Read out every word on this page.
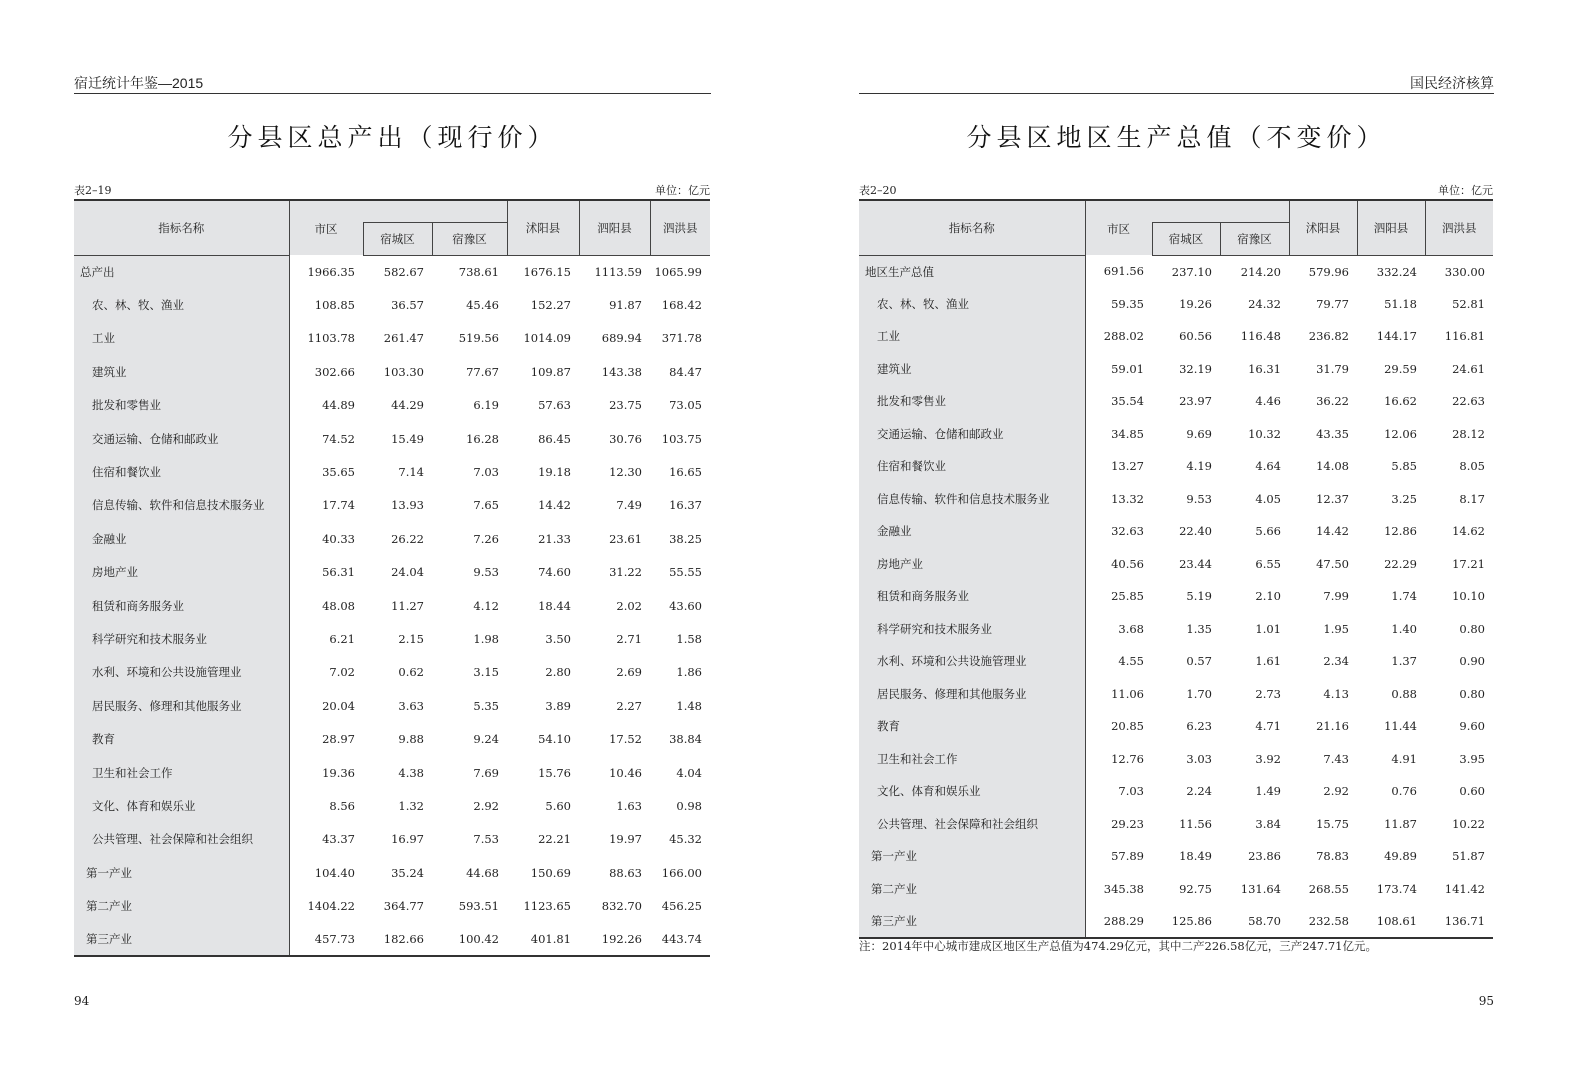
宿迁统计年鉴—2015
分县区总产出（现行价）
表2–19	单位：亿元
指标名称	市区			沭阳县	泗阳县	泗洪县
		宿城区	宿豫区			
总产出	1966.35	582.67	738.61	1676.15	1113.59	1065.99
农、林、牧、渔业	108.85	36.57	45.46	152.27	91.87	168.42
工业	1103.78	261.47	519.56	1014.09	689.94	371.78
建筑业	302.66	103.30	77.67	109.87	143.38	84.47
批发和零售业	44.89	44.29	6.19	57.63	23.75	73.05
交通运输、仓储和邮政业	74.52	15.49	16.28	86.45	30.76	103.75
住宿和餐饮业	35.65	7.14	7.03	19.18	12.30	16.65
信息传输、软件和信息技术服务业	17.74	13.93	7.65	14.42	7.49	16.37
金融业	40.33	26.22	7.26	21.33	23.61	38.25
房地产业	56.31	24.04	9.53	74.60	31.22	55.55
租赁和商务服务业	48.08	11.27	4.12	18.44	2.02	43.60
科学研究和技术服务业	6.21	2.15	1.98	3.50	2.71	1.58
水利、环境和公共设施管理业	7.02	0.62	3.15	2.80	2.69	1.86
居民服务、修理和其他服务业	20.04	3.63	5.35	3.89	2.27	1.48
教育	28.97	9.88	9.24	54.10	17.52	38.84
卫生和社会工作	19.36	4.38	7.69	15.76	10.46	4.04
文化、体育和娱乐业	8.56	1.32	2.92	5.60	1.63	0.98
公共管理、社会保障和社会组织	43.37	16.97	7.53	22.21	19.97	45.32
第一产业	104.40	35.24	44.68	150.69	88.63	166.00
第二产业	1404.22	364.77	593.51	1123.65	832.70	456.25
第三产业	457.73	182.66	100.42	401.81	192.26	443.74
94
国民经济核算
分县区地区生产总值（不变价）
表2–20	单位：亿元
指标名称	市区			沭阳县	泗阳县	泗洪县
		宿城区	宿豫区			
地区生产总值	691.56	237.10	214.20	579.96	332.24	330.00
农、林、牧、渔业	59.35	19.26	24.32	79.77	51.18	52.81
工业	288.02	60.56	116.48	236.82	144.17	116.81
建筑业	59.01	32.19	16.31	31.79	29.59	24.61
批发和零售业	35.54	23.97	4.46	36.22	16.62	22.63
交通运输、仓储和邮政业	34.85	9.69	10.32	43.35	12.06	28.12
住宿和餐饮业	13.27	4.19	4.64	14.08	5.85	8.05
信息传输、软件和信息技术服务业	13.32	9.53	4.05	12.37	3.25	8.17
金融业	32.63	22.40	5.66	14.42	12.86	14.62
房地产业	40.56	23.44	6.55	47.50	22.29	17.21
租赁和商务服务业	25.85	5.19	2.10	7.99	1.74	10.10
科学研究和技术服务业	3.68	1.35	1.01	1.95	1.40	0.80
水利、环境和公共设施管理业	4.55	0.57	1.61	2.34	1.37	0.90
居民服务、修理和其他服务业	11.06	1.70	2.73	4.13	0.88	0.80
教育	20.85	6.23	4.71	21.16	11.44	9.60
卫生和社会工作	12.76	3.03	3.92	7.43	4.91	3.95
文化、体育和娱乐业	7.03	2.24	1.49	2.92	0.76	0.60
公共管理、社会保障和社会组织	29.23	11.56	3.84	15.75	11.87	10.22
第一产业	57.89	18.49	23.86	78.83	49.89	51.87
第二产业	345.38	92.75	131.64	268.55	173.74	141.42
第三产业	288.29	125.86	58.70	232.58	108.61	136.71
注：2014年中心城市建成区地区生产总值为474.29亿元，其中二产226.58亿元，三产247.71亿元。
95
